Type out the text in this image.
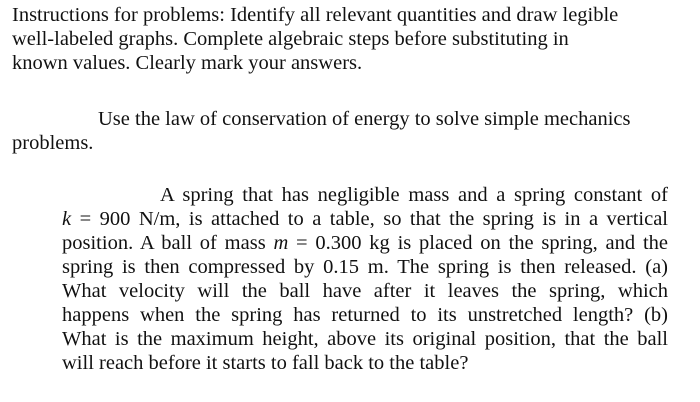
Instructions for problems: Identify all relevant quantities and draw legible
well-labeled graphs. Complete algebraic steps before substituting in
known values. Clearly mark your answers.
Use the law of conservation of energy to solve simple mechanics
problems.
A spring that has negligible mass and a spring constant of
k = 900 N/m, is attached to a table, so that the spring is in a vertical
position. A ball of mass m = 0.300 kg is placed on the spring, and the
spring is then compressed by 0.15 m. The spring is then released. (a)
What velocity will the ball have after it leaves the spring, which
happens when the spring has returned to its unstretched length? (b)
What is the maximum height, above its original position, that the ball
will reach before it starts to fall back to the table?
